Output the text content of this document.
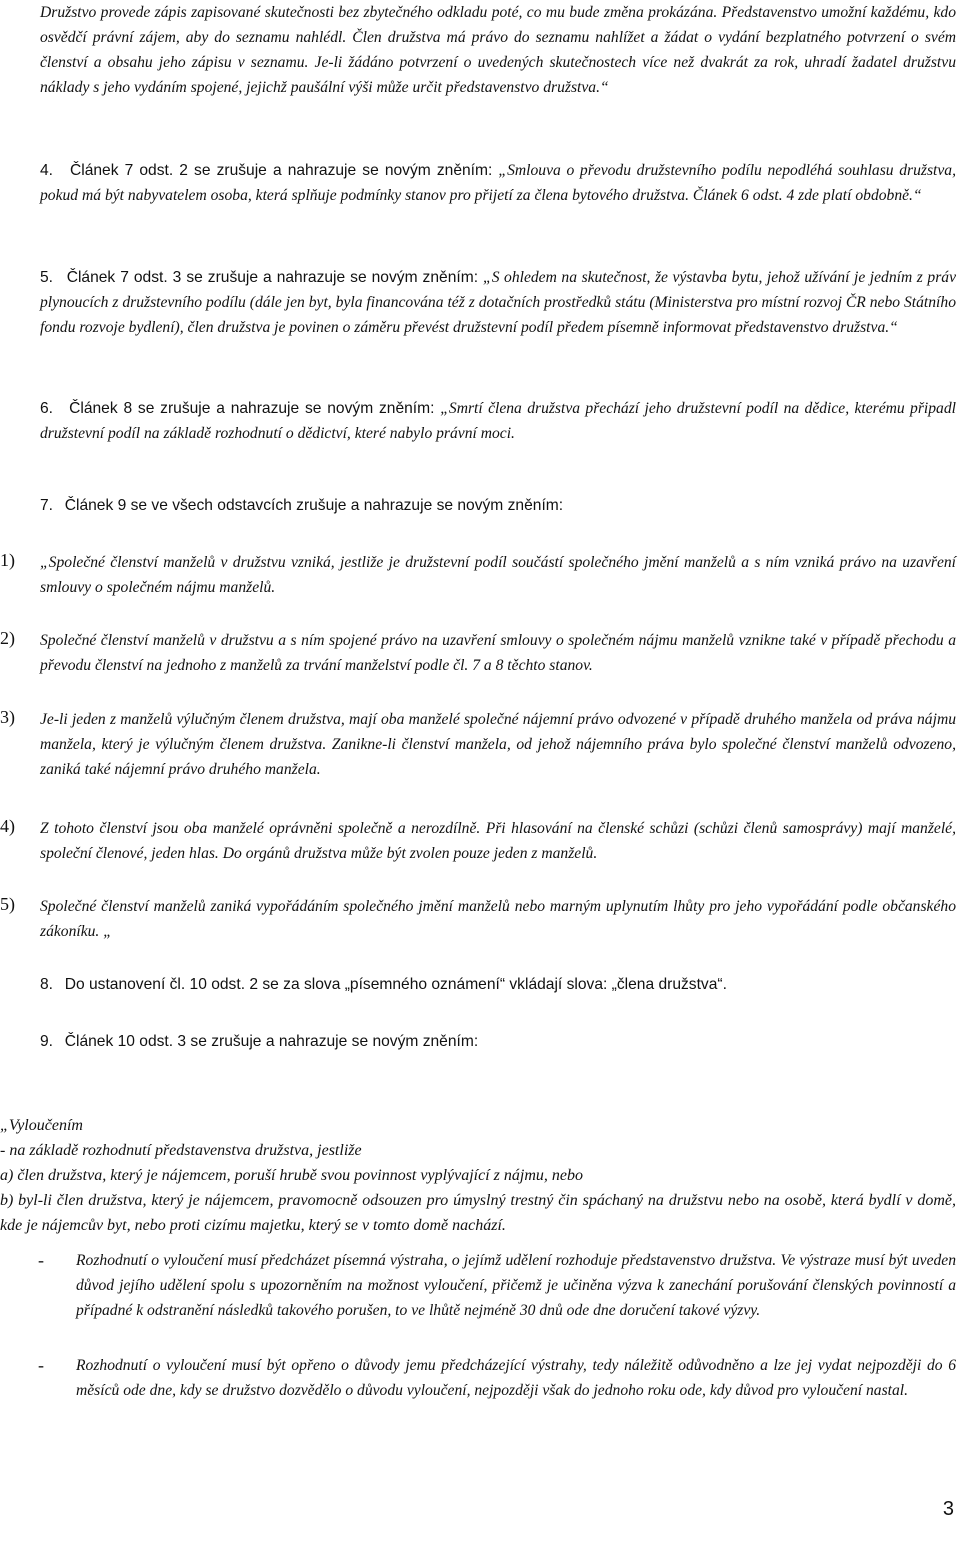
Družstvo provede zápis zapisované skutečnosti bez zbytečného odkladu poté, co mu bude změna prokázána. Představenstvo umožní každému, kdo osvědčí právní zájem, aby do seznamu nahlédl. Člen družstva má právo do seznamu nahlížet a žádat o vydání bezplatného potvrzení o svém členství a obsahu jeho zápisu v seznamu. Je-li žádáno potvrzení o uvedených skutečnostech více než dvakrát za rok, uhradí žadatel družstvu náklady s jeho vydáním spojené, jejichž paušální výši může určit představenstvo družstva.“

4. Článek 7 odst. 2 se zrušuje a nahrazuje se novým zněním: „Smlouva o převodu družstevního podílu nepodléhá souhlasu družstva, pokud má být nabyvatelem osoba, která splňuje podmínky stanov pro přijetí za člena bytového družstva. Článek 6 odst. 4 zde platí obdobně.“

5. Článek 7 odst. 3 se zrušuje a nahrazuje se novým zněním: „S ohledem na skutečnost, že výstavba bytu, jehož užívání je jedním z práv plynoucích z družstevního podílu (dále jen byt, byla financována též z dotačních prostředků státu (Ministerstva pro místní rozvoj ČR nebo Státního fondu rozvoje bydlení), člen družstva je povinen o záměru převést družstevní podíl předem písemně informovat představenstvo družstva.“

6. Článek 8 se zrušuje a nahrazuje se novým zněním: „Smrtí člena družstva přechází jeho družstevní podíl na dědice, kterému připadl družstevní podíl na základě rozhodnutí o dědictví, které nabylo právní moci.

7. Článek 9 se ve všech odstavcích zrušuje a nahrazuje se novým zněním:

1)	„Společné členství manželů v družstvu vzniká, jestliže je družstevní podíl součástí společného jmění manželů a s ním vzniká právo na uzavření smlouvy o společném nájmu manželů.

2)	Společné členství manželů v družstvu a s ním spojené právo na uzavření smlouvy o společném nájmu manželů vznikne také v případě přechodu a převodu členství na jednoho z manželů za trvání manželství podle čl. 7 a 8 těchto stanov.

3)	Je-li jeden z manželů výlučným členem družstva, mají oba manželé společné nájemní právo odvozené v případě druhého manžela od práva nájmu manžela, který je výlučným členem družstva. Zanikne-li členství manžela, od jehož nájemního práva bylo společné členství manželů odvozeno, zaniká také nájemní právo druhého manžela.

4)	Z tohoto členství jsou oba manželé oprávněni společně a nerozdílně. Při hlasování na členské schůzi (schůzi členů samosprávy) mají manželé, společní členové, jeden hlas. Do orgánů družstva může být zvolen pouze jeden z manželů.

5)	Společné členství manželů zaniká vypořádáním společného jmění manželů nebo marným uplynutím lhůty pro jeho vypořádání podle občanského zákoníku. „

8. Do ustanovení čl. 10 odst. 2 se za slova „písemného oznámení“ vkládají slova: „člena družstva“.

9. Článek 10 odst. 3 se zrušuje a nahrazuje se novým zněním:

„Vyloučením
- na základě rozhodnutí představenstva družstva, jestliže
a) člen družstva, který je nájemcem, poruší hrubě svou povinnost vyplývající z nájmu, nebo
b) byl-li člen družstva, který je nájemcem, pravomocně odsouzen pro úmyslný trestný čin spáchaný na družstvu nebo na osobě, která bydlí v domě, kde je nájemcův byt, nebo proti cizímu majetku, který se v tomto domě nachází.
- Rozhodnutí o vyloučení musí předcházet písemná výstraha, o jejímž udělení rozhoduje představenstvo družstva. Ve výstraze musí být uveden důvod jejího udělení spolu s upozorněním na možnost vyloučení, přičemž je učiněna výzva k zanechání porušování členských povinností a případné k odstranění následků takového porušen, to ve lhůtě nejméně 30 dnů ode dne doručení takové výzvy.

- Rozhodnutí o vyloučení musí být opřeno o důvody jemu předcházející výstrahy, tedy náležitě odůvodněno a lze jej vydat nejpozději do 6 měsíců ode dne, kdy se družstvo dozvědělo o důvodu vyloučení, nejpozději však do jednoho roku ode, kdy důvod pro vyloučení nastal.

3
